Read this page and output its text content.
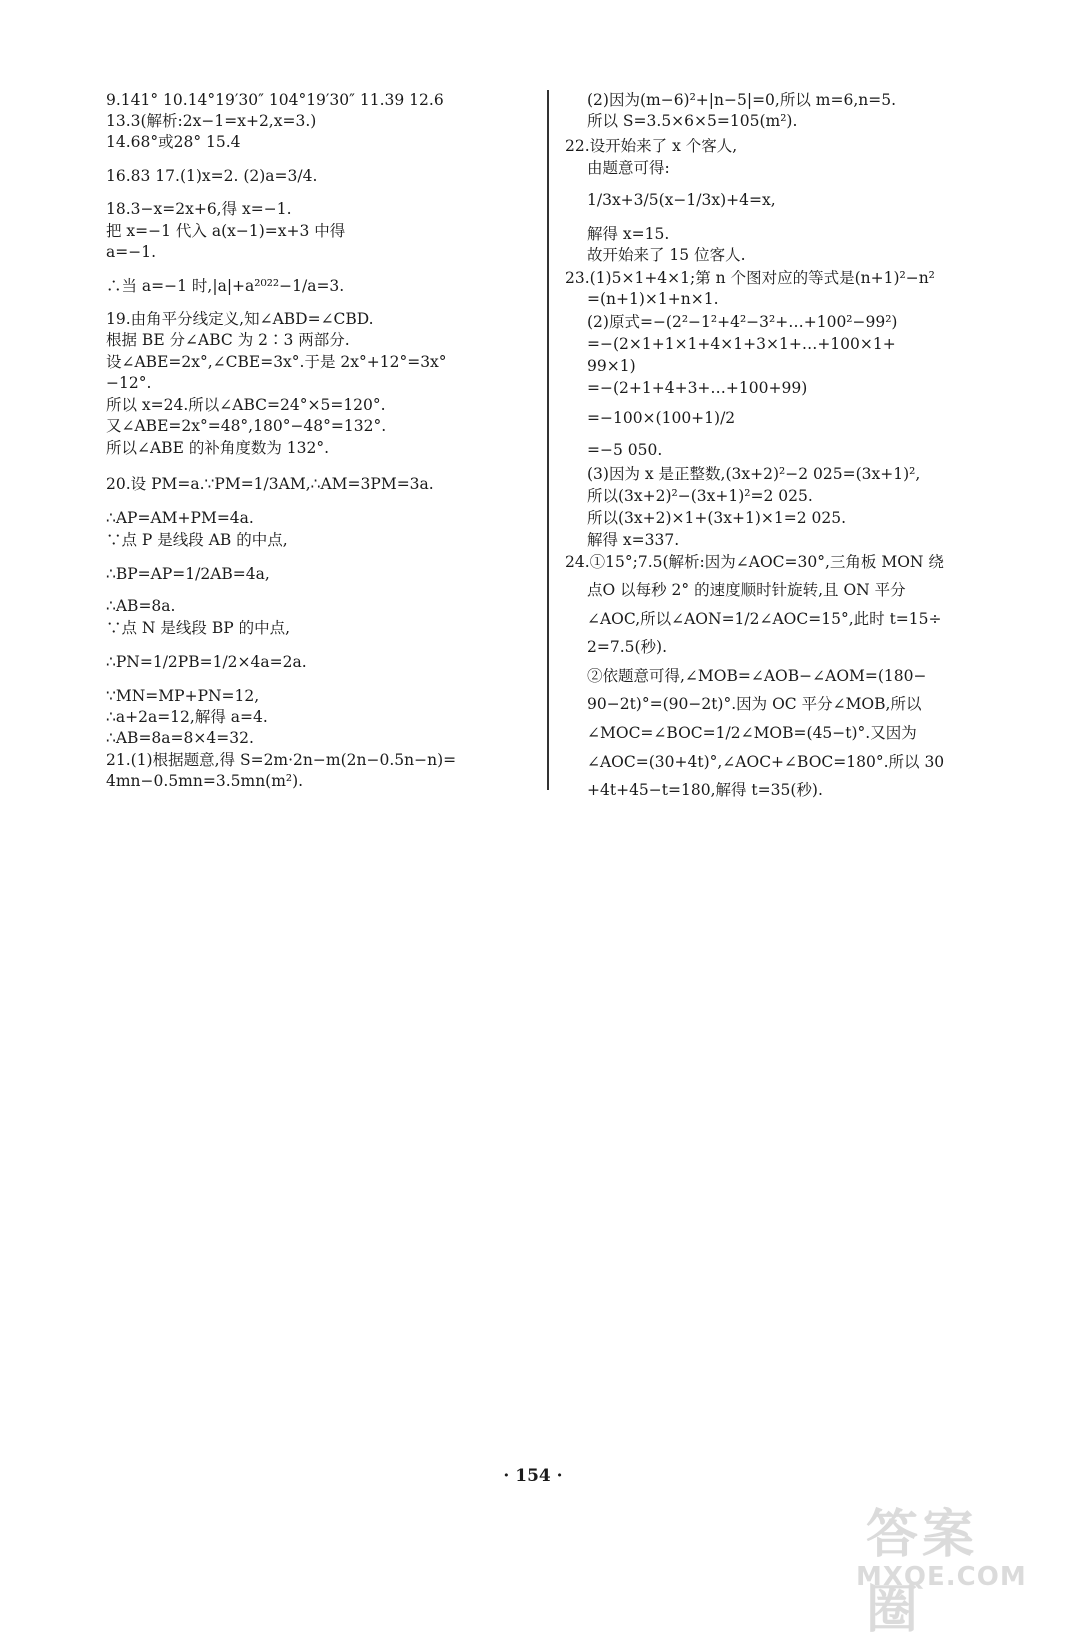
9.141° 10.14°19′30″ 104°19′30″ 11.39 12.6
13.3(解析:2x−1=x+2,x=3.)
14.68°或28° 15.4
16.83 17.(1)x=2. (2)a=3/4.
18.3−x=2x+6,得 x=−1.
把 x=−1 代入 a(x−1)=x+3 中得
a=−1.
∴当 a=−1 时,|a|+a²⁰²²−1/a=3.
19.由角平分线定义,知∠ABD=∠CBD.
根据 BE 分∠ABC 为 2∶3 两部分.
设∠ABE=2x°,∠CBE=3x°.于是 2x°+12°=3x°
−12°.
所以 x=24.所以∠ABC=24°×5=120°.
又∠ABE=2x°=48°,180°−48°=132°.
所以∠ABE 的补角度数为 132°.
20.设 PM=a.∵PM=1/3AM,∴AM=3PM=3a.
∴AP=AM+PM=4a.
∵点 P 是线段 AB 的中点,
∴BP=AP=1/2AB=4a,
∴AB=8a.
∵点 N 是线段 BP 的中点,
∴PN=1/2PB=1/2×4a=2a.
∵MN=MP+PN=12,
∴a+2a=12,解得 a=4.
∴AB=8a=8×4=32.
21.(1)根据题意,得 S=2m·2n−m(2n−0.5n−n)=
4mn−0.5mn=3.5mn(m²).
(2)因为(m−6)²+|n−5|=0,所以 m=6,n=5.
所以 S=3.5×6×5=105(m²).
22.设开始来了 x 个客人,
由题意可得:
1/3x+3/5(x−1/3x)+4=x,
解得 x=15.
故开始来了 15 位客人.
23.(1)5×1+4×1;第 n 个图对应的等式是(n+1)²−n²
=(n+1)×1+n×1.
(2)原式=−(2²−1²+4²−3²+…+100²−99²)
=−(2×1+1×1+4×1+3×1+…+100×1+
99×1)
=−(2+1+4+3+…+100+99)
=−100×(100+1)/2
=−5 050.
(3)因为 x 是正整数,(3x+2)²−2 025=(3x+1)²,
所以(3x+2)²−(3x+1)²=2 025.
所以(3x+2)×1+(3x+1)×1=2 025.
解得 x=337.
24.①15°;7.5(解析:因为∠AOC=30°,三角板 MON 绕
点O 以每秒 2° 的速度顺时针旋转,且 ON 平分
∠AOC,所以∠AON=1/2∠AOC=15°,此时 t=15÷
2=7.5(秒).
②依题意可得,∠MOB=∠AOB−∠AOM=(180−
90−2t)°=(90−2t)°.因为 OC 平分∠MOB,所以
∠MOC=∠BOC=1/2∠MOB=(45−t)°.又因为
∠AOC=(30+4t)°,∠AOC+∠BOC=180°.所以 30
+4t+45−t=180,解得 t=35(秒).
· 154 ·
答案圈
MXQE.COM
